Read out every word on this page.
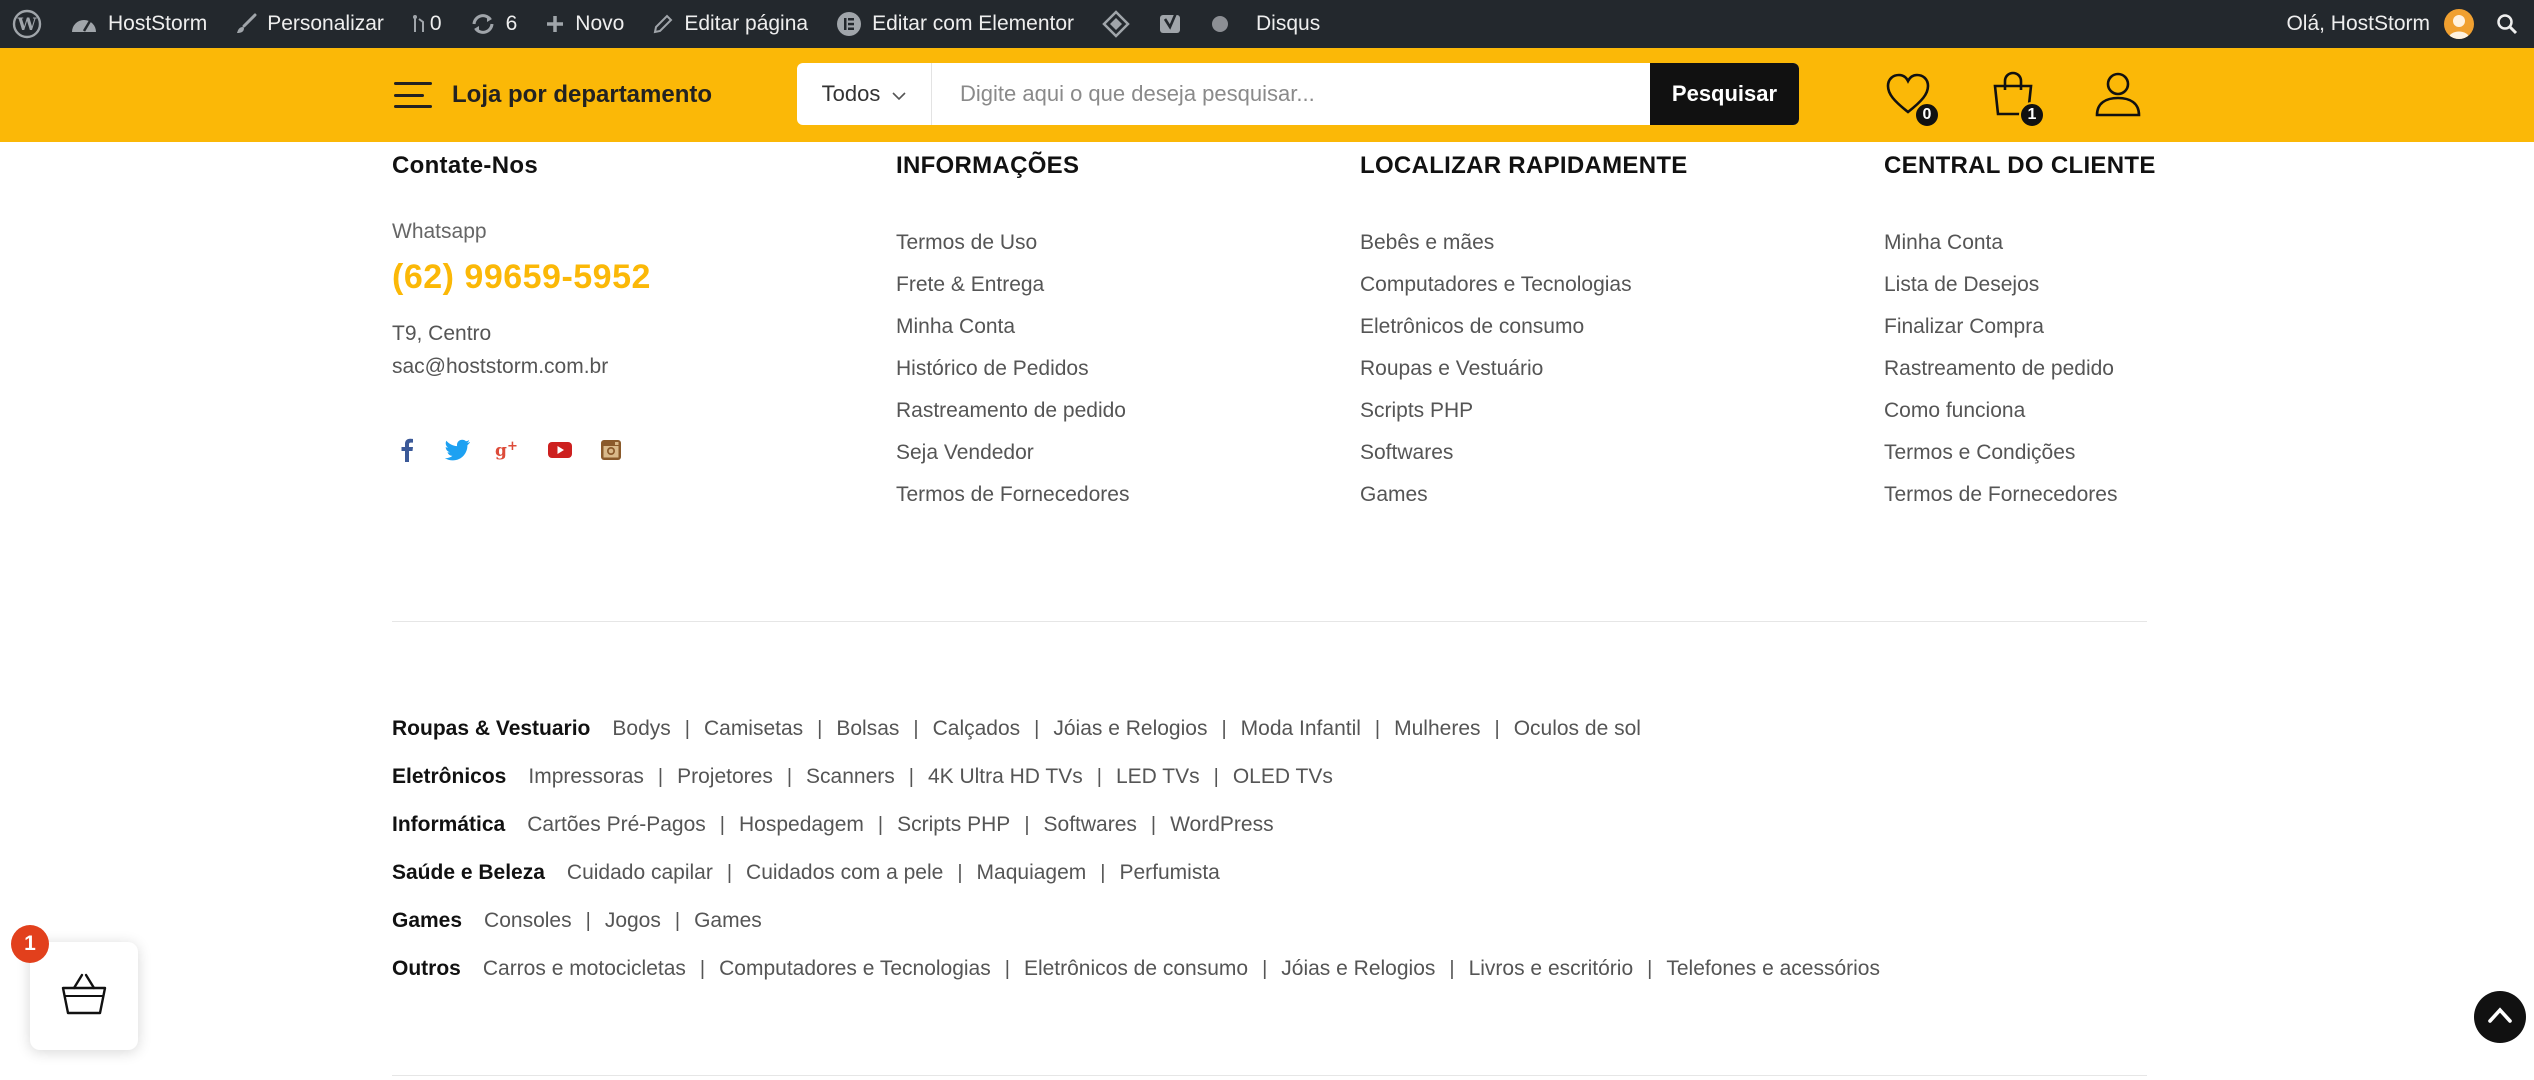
W	HostStorm	Personalizar 0	6	Novo	Editar página	Editar com Elementor	Disqus	Olá, HostStorm
Loja por departamento	Todos
Digite aqui o que deseja pesquisar...	Pesquisar
0	1
Contate-Nos
Whatsapp
(62) 99659-5952
T9, Centro
sac@hoststorm.com.br
g +
INFORMAÇÕES
Termos de Uso
Frete & Entrega
Minha Conta
Histórico de Pedidos
Rastreamento de pedido
Seja Vendedor
Termos de Fornecedores
LOCALIZAR RAPIDAMENTE
Bebês e mães
Computadores e Tecnologias
Eletrônicos de consumo
Roupas e Vestuário
Scripts PHP
Softwares
Games
CENTRAL DO CLIENTE
Minha Conta
Lista de Desejos
Finalizar Compra
Rastreamento de pedido
Como funciona
Termos e Condições
Termos de Fornecedores
Roupas & Vestuario Bodys | Camisetas | Bolsas | Calçados | Jóias e Relogios | Moda Infantil | Mulheres | Oculos de sol
Eletrônicos Impressoras | Projetores | Scanners | 4K Ultra HD TVs | LED TVs | OLED TVs
Informática Cartões Pré-Pagos | Hospedagem | Scripts PHP | Softwares | WordPress
Saúde e Beleza Cuidado capilar | Cuidados com a pele | Maquiagem | Perfumista
Games Consoles | Jogos | Games
Outros Carros e motocicletas | Computadores e Tecnologias | Eletrônicos de consumo | Jóias e Relogios | Livros e escritório | Telefones e acessórios
1
